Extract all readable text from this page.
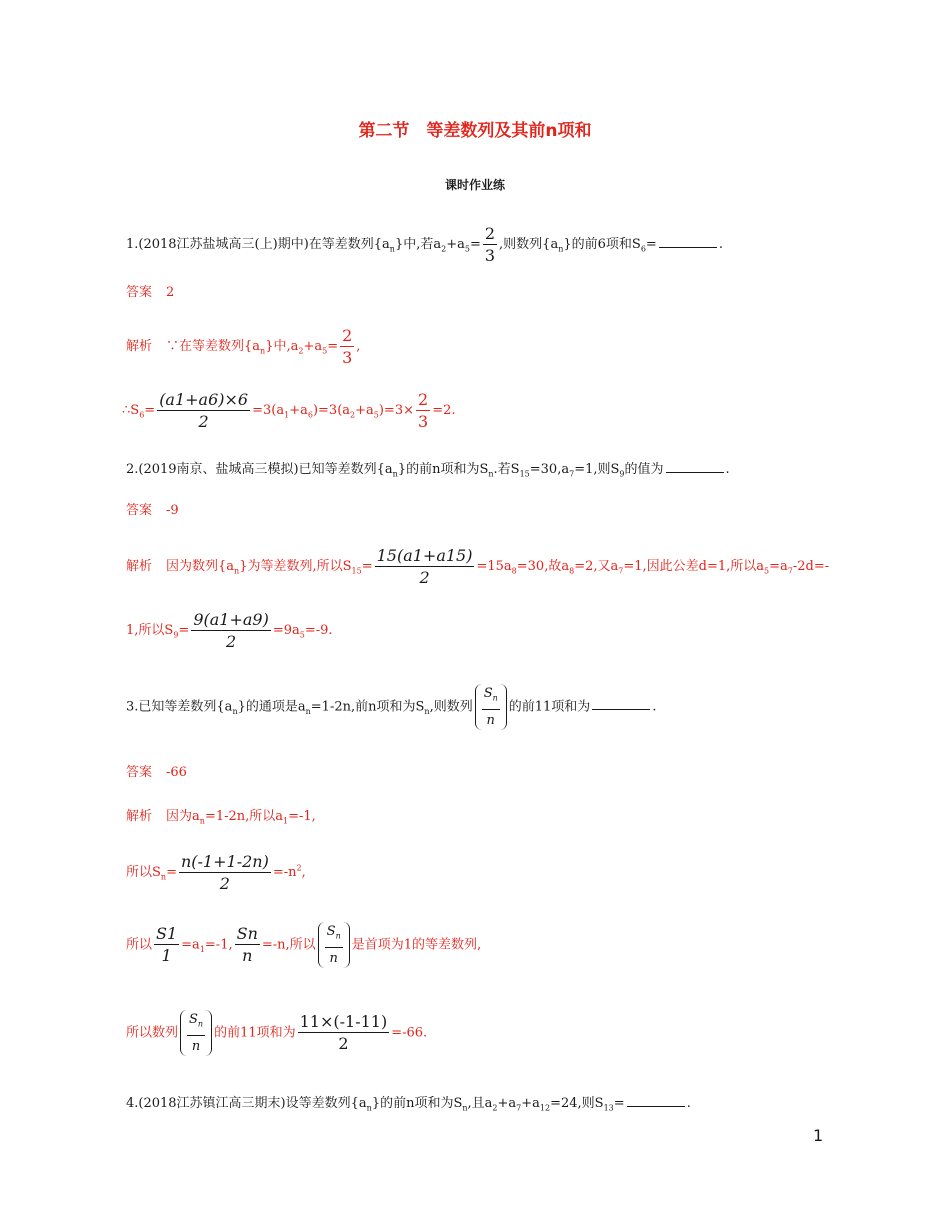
第二节　等差数列及其前n项和
课时作业练
1.(2018江苏盐城高三(上)期中)在等差数列$\{a_n\}$中,若$a_2+a_5= \frac{2}{3}$ ,则数列$\{a_n\}$的前6项和$S_6=$	.
答案 2
解析 ∵在等差数列$\{a_n\}$中$,a_2+a_5= \frac{2}{3}$ ,
$\therefore S_6= \frac{(a1+a6)\times 6}{2} =3(a_1+a_6)=3(a_2+a_5)=3\times \frac{2}{3} =2$.
2.(2019南京、盐城高三模拟)已知等差数列$\{a_n\}$的前n项和为$S_n$.若$S_{15}=30,a_7=1$,则$S_9$的值为	.
答案 -9
解析 因为数列$\{a_n\}$为等差数列,所以$S_{15}= \frac{15(a1+a15)}{2} =15a_8=30$,故$a_8=2$,又$a_7=1$,因此公差d=1,所以$a_5=a_7-2d=-$
1,所以$S_9= \frac{9(a1+a9)}{2} =9a_5=-9$.
3.已知等差数列$\{a_n\}$的通项是$a_n=1-2n$,前n项和为$S_n$,则数列 $\frac{S_n}{n}$ 的前11项和为	.
答案 -66
解析 因为$a_n=1-2n$,所以$a_1=-1$,
所以$S_n= \frac{n(-1+1-2n)}{2} =-n^2$,
所以 $\frac{S1}{1} =a_1=-1$, $\frac{Sn}{n} =-n$,所以 $\frac{S_n}{n}$ 是首项为1的等差数列,
所以数列 $\frac{S_n}{n}$ 的前11项和为 $\frac{11\times(-1-11)}{2} =-66$.
4.(2018江苏镇江高三期末)设等差数列$\{a_n\}$的前n项和为$S_n$,且$a_2+a_7+a_{12}=24$,则$S_{13}=$	.
1
